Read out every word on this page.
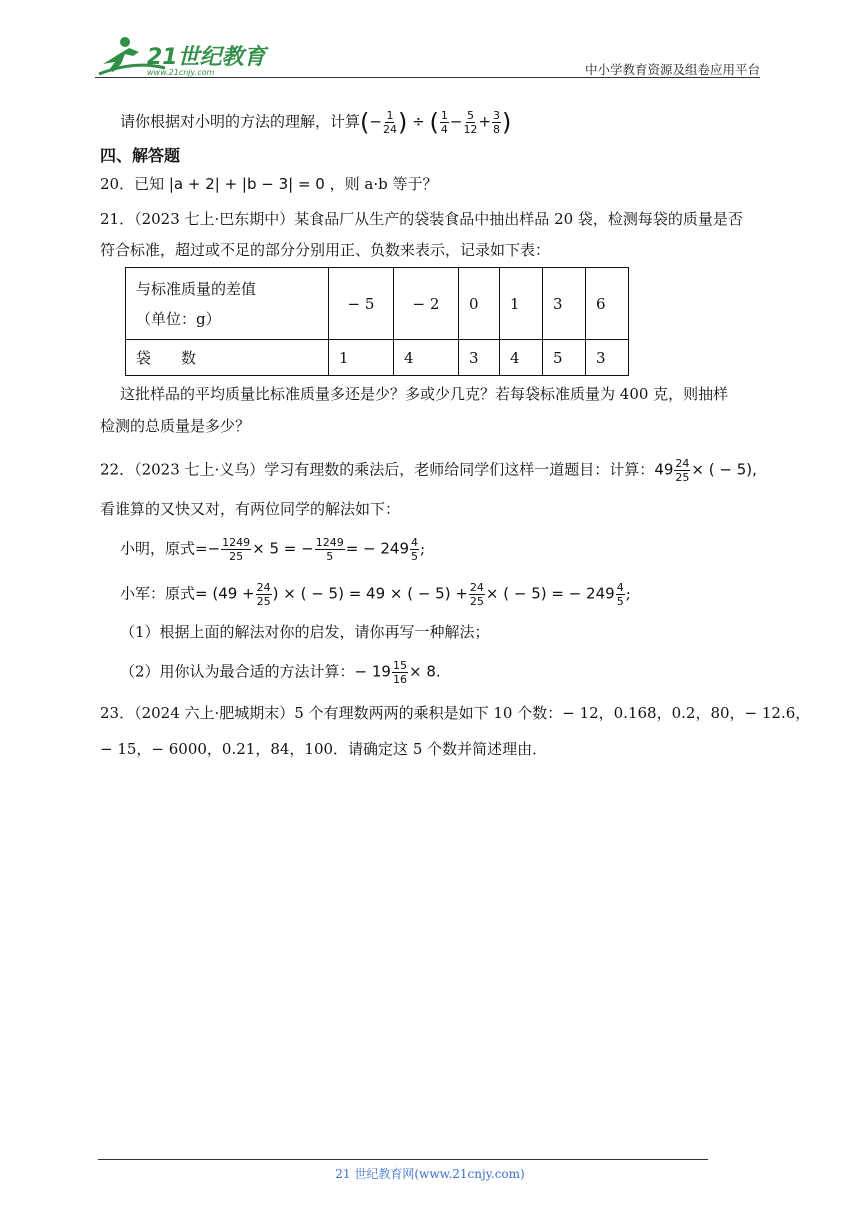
21世纪教育
www.21cnjy.com	中小学教育资源及组卷应用平台
请你根据对小明的方法的理解，计算(− $\frac{1}{24}$ ) ÷ ( $\frac{1}{4} - \frac{5}{12} + \frac{3}{8}$ )
四、解答题
20．已知 |a + 2| + |b − 3| = 0 ，则 a·b 等于？
21．（2023 七上·巴东期中）某食品厂从生产的袋装食品中抽出样品 20 袋，检测每袋的质量是否
符合标准，超过或不足的部分分别用正、负数来表示，记录如下表：
与标准质量的差值
（单位：g）	− 5	− 2	0	1	3	6
袋　　数	1	4	3	4	5	3
这批样品的平均质量比标准质量多还是少？多或少几克？若每袋标准质量为 400 克，则抽样
检测的总质量是多少？
22．（2023 七上·义乌）学习有理数的乘法后，老师给同学们这样一道题目：计算：$49 \frac{24}{25}$ × ( − 5),
看谁算的又快又对，有两位同学的解法如下：
小明，原式=− $\frac{1249}{25} \times 5$ = − $\frac{1249}{5}$ = − $249 \frac{4}{5}$ ;
小军：原式= ($49 + \frac{24}{25}$ ) × ( − 5) = 49 × ( − $5) + \frac{24}{25}$ × ( − 5) = − $249 \frac{4}{5}$ ;
（1）根据上面的解法对你的启发，请你再写一种解法；
（2）用你认为最合适的方法计算：− $19 \frac{15}{16} \times 8$.
23．（2024 六上·肥城期末）5 个有理数两两的乘积是如下 10 个数：− 12，0.168，0.2，80，− 12.6，
− 15，− 6000，0.21，84，100．请确定这 5 个数并简述理由．
21 世纪教育网(www.21cnjy.com)
